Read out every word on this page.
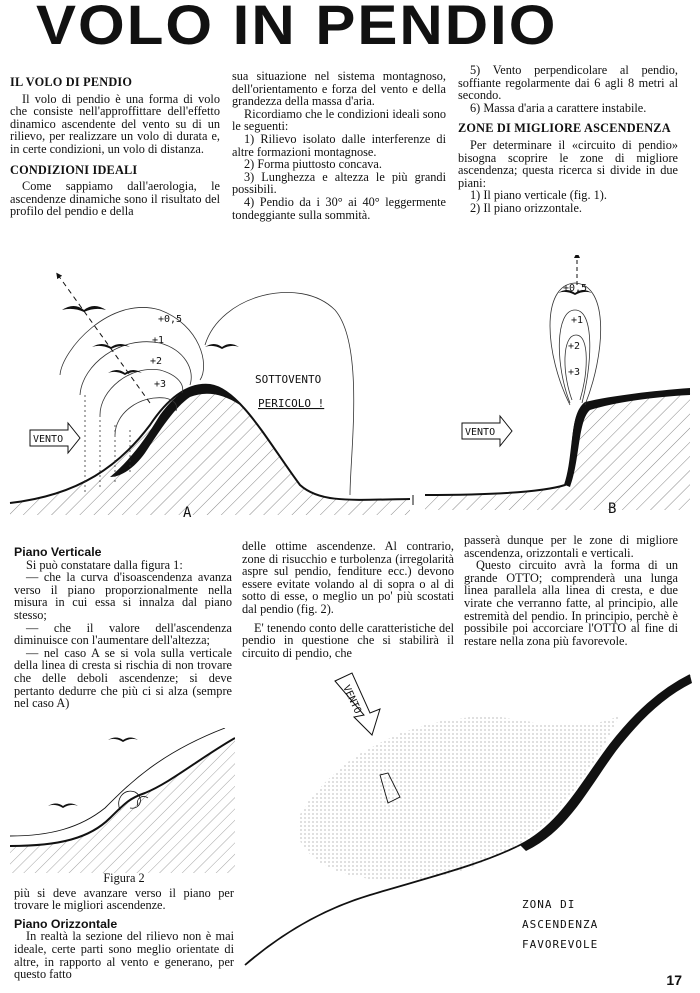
VOLO IN PENDIO
IL VOLO DI PENDIO

Il volo di pendio è una forma di volo che consiste nell'approffittare dell'effetto dinamico ascendente del vento su di un rilievo, per realizzare un volo di durata e, in certe condizioni, un volo di distanza.

CONDIZIONI IDEALI

Come sappiamo dall'aerologia, le ascendenze dinamiche sono il risultato del profilo del pendio e della

sua situazione nel sistema montagnoso, dell'orientamento e forza del vento e della grandezza della massa d'aria.

Ricordiamo che le condizioni ideali sono le seguenti:

1) Rilievo isolato dalle interferenze di altre formazioni montagnose.

2) Forma piuttosto concava.

3) Lunghezza e altezza le più grandi possibili.

4) Pendio da i 30° ai 40° leggermente tondeggiante sulla sommità.

5) Vento perpendicolare al pendio, soffiante regolarmente dai 6 agli 8 metri al secondo.

6) Massa d'aria a carattere instabile.

ZONE DI MIGLIORE ASCENDENZA

Per determinare il «circuito di pendio» bisogna scoprire le zone di migliore ascendenza; questa ricerca si divide in due piani:

1) Il piano verticale (fig. 1).

2) Il piano orizzontale.

+0,5
+1
+2
+3	SOTTOVENTO
PERICOLO !
A
VENTO
+0,5
+1
+2
+3
VENTO
Piano Verticale

Si può constatare dalla figura 1:

— che la curva d'isoascendenza avanza verso il piano proporzionalmente nella misura in cui essa si innalza dal piano stesso;

— che il valore dell'ascendenza diminuisce con l'aumentare dell'altezza;

— nel caso A se si vola sulla verticale della linea di cresta si rischia di non trovare che delle deboli ascendenze; si deve pertanto dedurre che più ci si alza (sempre nel caso A)

delle ottime ascendenze. Al contrario, zone di risucchio e turbolenza (irregolarità aspre sul pendio, fenditure ecc.) devono essere evitate volando al di sopra o al di sotto di esse, o meglio un po' più scostati dal pendio (fig. 2).

E' tenendo conto delle caratteristiche del pendio in questione che si stabilirà il circuito di pendio, che

passerà dunque per le zone di migliore ascendenza, orizzontali e verticali.

Questo circuito avrà la forma di un grande OTTO; comprenderà una lunga linea parallela alla linea di cresta, e due virate che verranno fatte, al principio, alle estremità del pendio. In principio, perchè è possibile poi accorciare l'OTTO al fine di restare nella zona più favorevole.

Figura 2

più si deve avanzare verso il piano per trovare le migliori ascendenze.

Piano Orizzontale

In realtà la sezione del rilievo non è mai ideale, certe parti sono meglio orientate di altre, in rapporto al vento e generano, per questo fatto

VENTO
ZONA DI
ASCENDENZA
FAVOREVOLE
17
